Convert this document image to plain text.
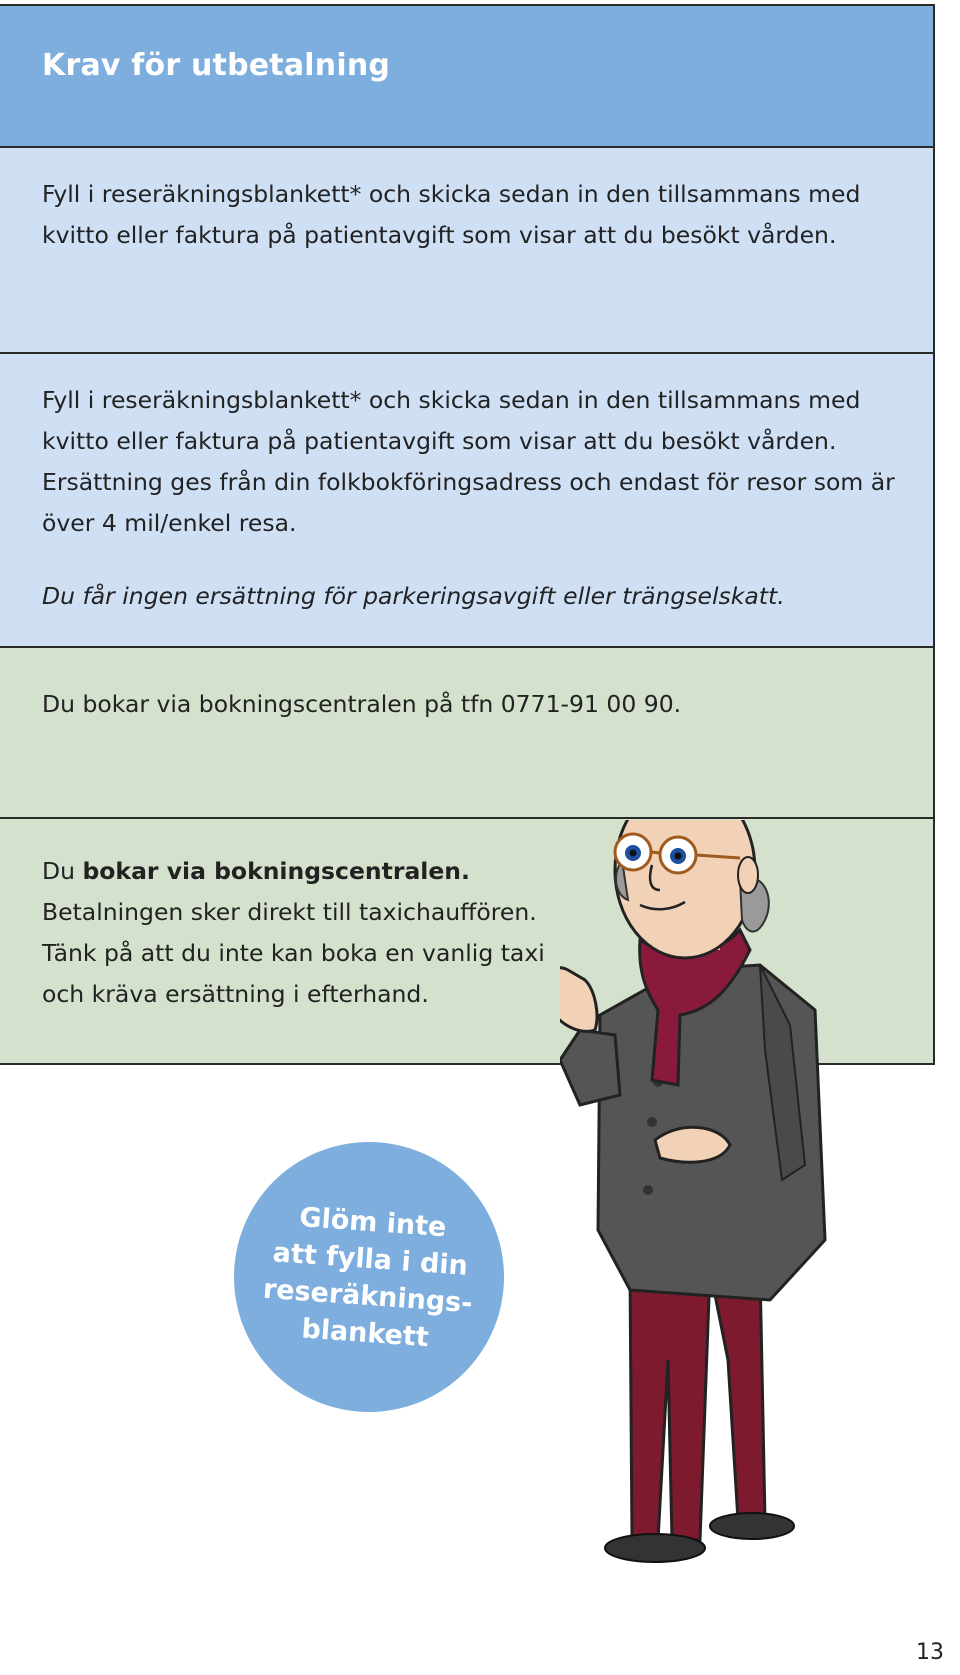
Krav för utbetalning

Fyll i reseräkningsblankett* och skicka sedan in den tillsammans med kvitto eller faktura på patientavgift som visar att du besökt vården.

Fyll i reseräkningsblankett* och skicka sedan in den tillsammans med kvitto eller faktura på patientavgift som visar att du besökt vården. Ersättning ges från din folkbokföringsadress och endast för resor som är över 4 mil/enkel resa.

Du får ingen ersättning för parkeringsavgift eller trängselskatt.

Du bokar via bokningscentralen på tfn 0771-91 00 90.

Du bokar via bokningscentralen.
Betalningen sker direkt till taxichauffören.
Tänk på att du inte kan boka en vanlig taxi
och kräva ersättning i efterhand.
Glöm inte
att fylla i din
reseräknings-
blankett
13
